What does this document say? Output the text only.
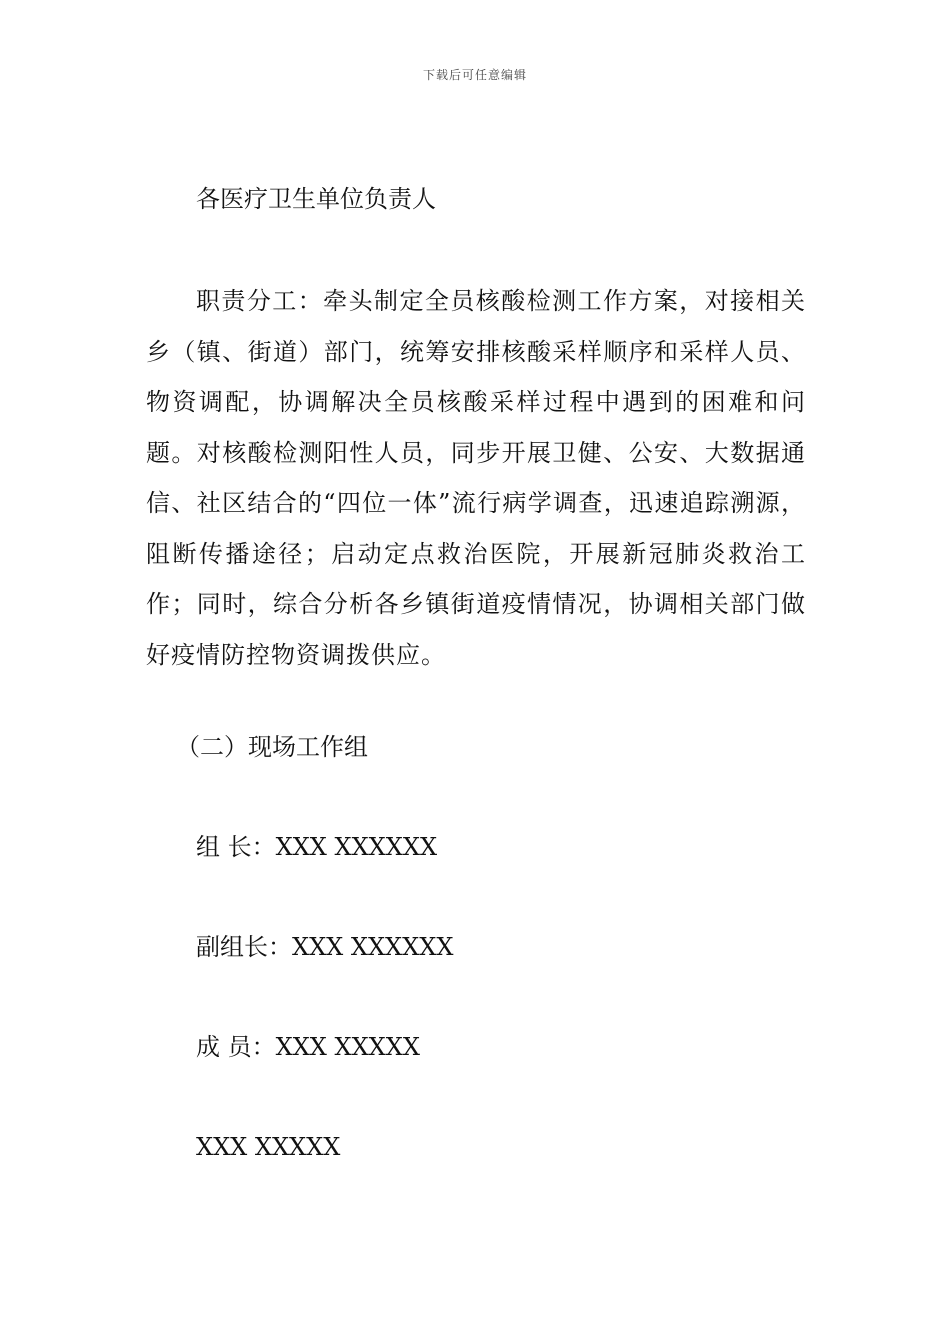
下载后可任意编辑
各医疗卫生单位负责人
职责分工：牵头制定全员核酸检测工作方案，对接相关乡（镇、街道）部门，统筹安排核酸采样顺序和采样人员、物资调配，协调解决全员核酸采样过程中遇到的困难和问题。对核酸检测阳性人员，同步开展卫健、公安、大数据通信、社区结合的“四位一体”流行病学调查，迅速追踪溯源，阻断传播途径；启动定点救治医院，开展新冠肺炎救治工作；同时，综合分析各乡镇街道疫情情况，协调相关部门做好疫情防控物资调拨供应。
（二）现场工作组
组 长：XXX XXXXXX
副组长：XXX XXXXXX
成 员：XXX XXXXX
XXX XXXXX
